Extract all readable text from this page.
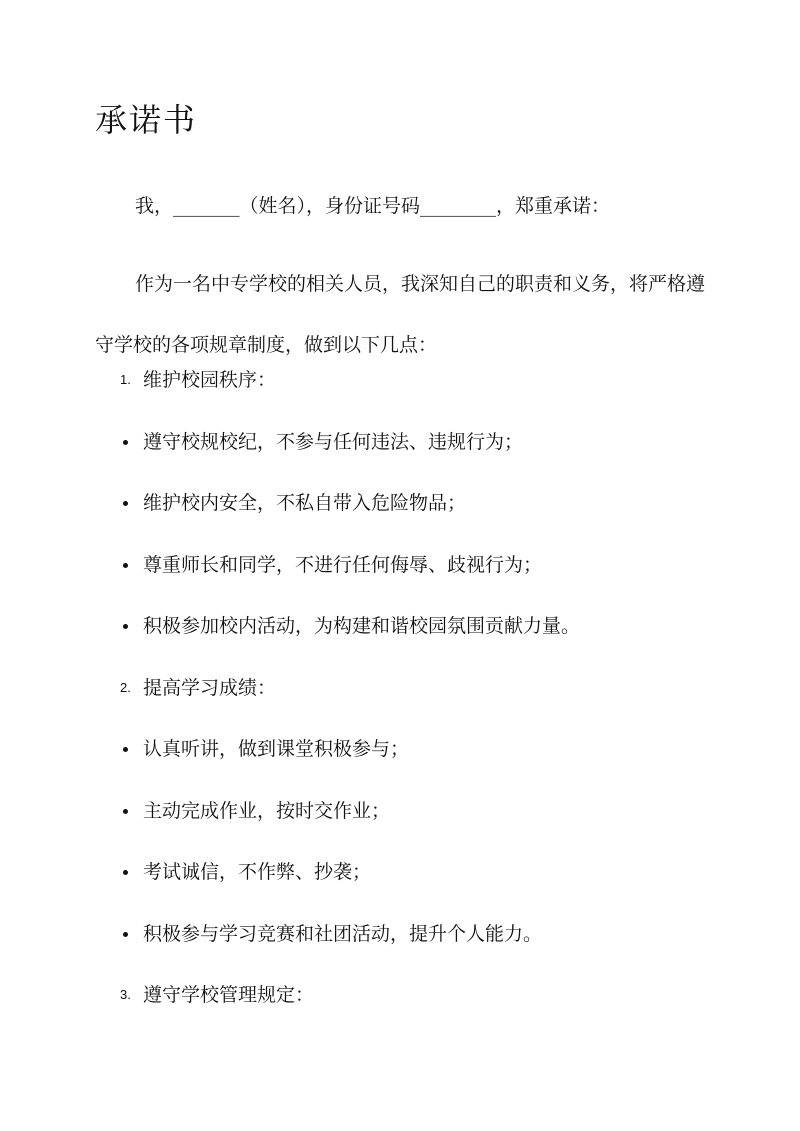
承诺书

我，_______（姓名），身份证号码________，郑重承诺：

作为一名中专学校的相关人员，我深知自己的职责和义务，将严格遵守学校的各项规章制度，做到以下几点：

1. 维护校园秩序：
遵守校规校纪，不参与任何违法、违规行为；
维护校内安全，不私自带入危险物品；
尊重师长和同学，不进行任何侮辱、歧视行为；
积极参加校内活动，为构建和谐校园氛围贡献力量。
2. 提高学习成绩：
认真听讲，做到课堂积极参与；
主动完成作业，按时交作业；
考试诚信，不作弊、抄袭；
积极参与学习竞赛和社团活动，提升个人能力。
3. 遵守学校管理规定：
